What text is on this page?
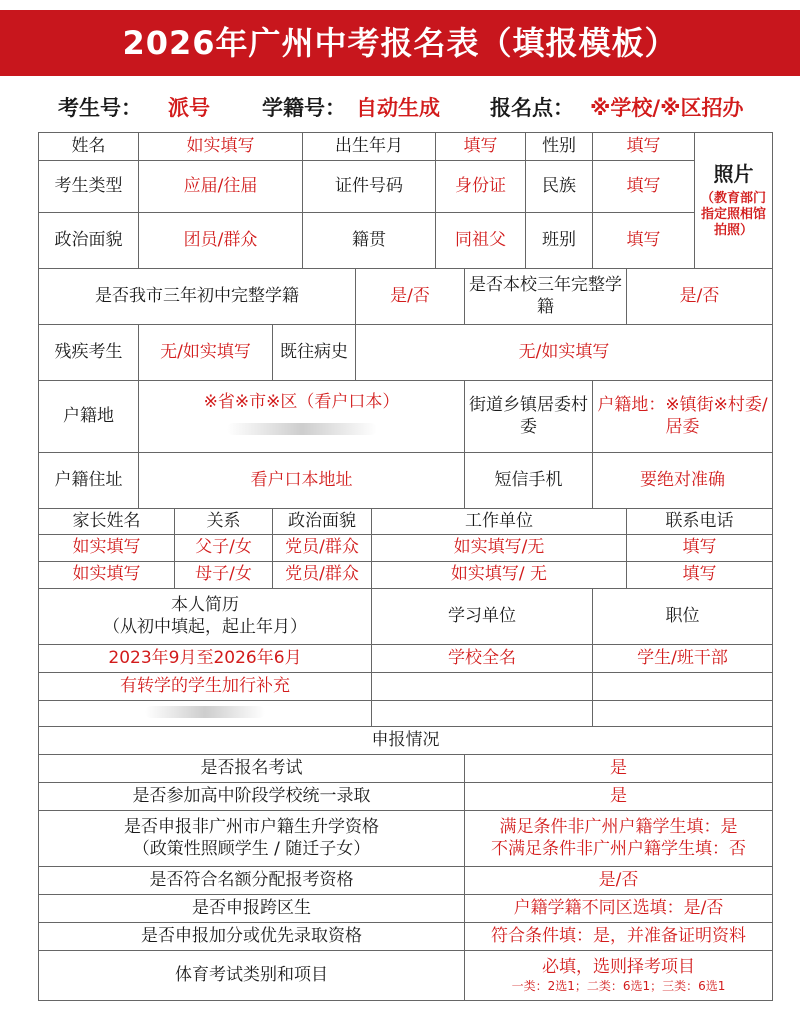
2026年广州中考报名表（填报模板）
考生号： 派号 学籍号： 自动生成 报名点： ※学校/※区招办
姓名	如实填写			出生年月			填写		性别	填写		照片
（教育部门指定照相馆拍照）

考生类型	应届/往届			证件号码			身份证		民族	填写		
政治面貌	团员/群众			籍贯			同祖父		班别	填写		
是否我市三年初中完整学籍					是/否			是否本校三年完整学籍			是/否	
残疾考生	无/如实填写		既往病史		无/如实填写							
户籍地	※省※市※区（看户口本）							街道乡镇居委村委		户籍地：※镇街※村委/居委		
户籍住址	看户口本地址							短信手机		要绝对准确		
家长姓名		关系	政治面貌			工作单位					联系电话	
如实填写		父子/女	党员/群众			如实填写/无					填写	
如实填写		母子/女	党员/群众			如实填写/ 无					填写	
本人简历
（从初中填起，起止年月）						学习单位				职位		
2023年9月至2026年6月						学校全名				学生/班干部		
有转学的学生加行补充												

申报情况												
是否报名考试								是				
是否参加高中阶段学校统一录取								是				
是否申报非广州市户籍生升学资格
（政策性照顾学生 / 随迁子女）								满足条件非广州户籍学生填：是
不满足条件非广州户籍学生填：否				
是否符合名额分配报考资格								是/否				
是否申报跨区生								户籍学籍不同区选填：是/否				
是否申报加分或优先录取资格								符合条件填：是，并准备证明资料				
体育考试类别和项目								必填，选则择考项目
一类：2选1；二类：6选1；三类：6选1				
